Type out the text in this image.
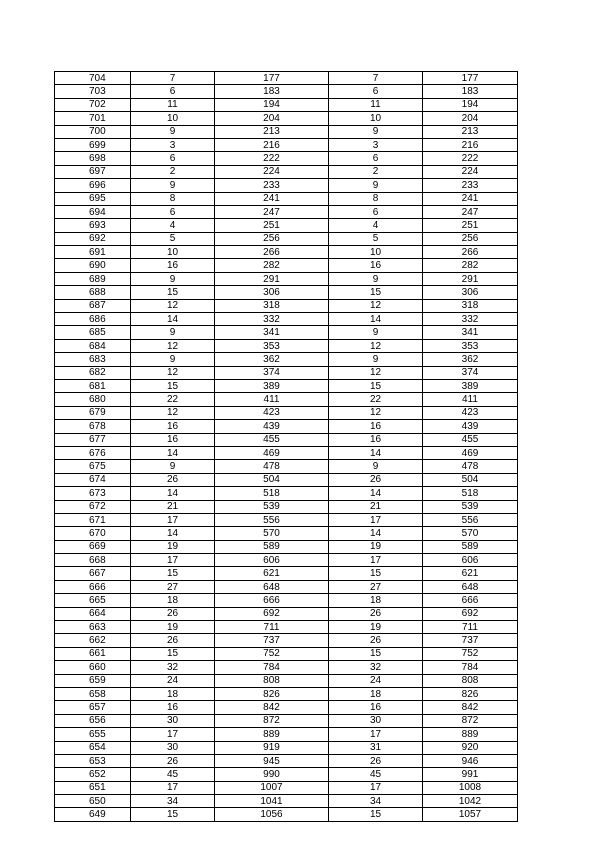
704	7	177	7	177
703	6	183	6	183
702	11	194	11	194
701	10	204	10	204
700	9	213	9	213
699	3	216	3	216
698	6	222	6	222
697	2	224	2	224
696	9	233	9	233
695	8	241	8	241
694	6	247	6	247
693	4	251	4	251
692	5	256	5	256
691	10	266	10	266
690	16	282	16	282
689	9	291	9	291
688	15	306	15	306
687	12	318	12	318
686	14	332	14	332
685	9	341	9	341
684	12	353	12	353
683	9	362	9	362
682	12	374	12	374
681	15	389	15	389
680	22	411	22	411
679	12	423	12	423
678	16	439	16	439
677	16	455	16	455
676	14	469	14	469
675	9	478	9	478
674	26	504	26	504
673	14	518	14	518
672	21	539	21	539
671	17	556	17	556
670	14	570	14	570
669	19	589	19	589
668	17	606	17	606
667	15	621	15	621
666	27	648	27	648
665	18	666	18	666
664	26	692	26	692
663	19	711	19	711
662	26	737	26	737
661	15	752	15	752
660	32	784	32	784
659	24	808	24	808
658	18	826	18	826
657	16	842	16	842
656	30	872	30	872
655	17	889	17	889
654	30	919	31	920
653	26	945	26	946
652	45	990	45	991
651	17	1007	17	1008
650	34	1041	34	1042
649	15	1056	15	1057
